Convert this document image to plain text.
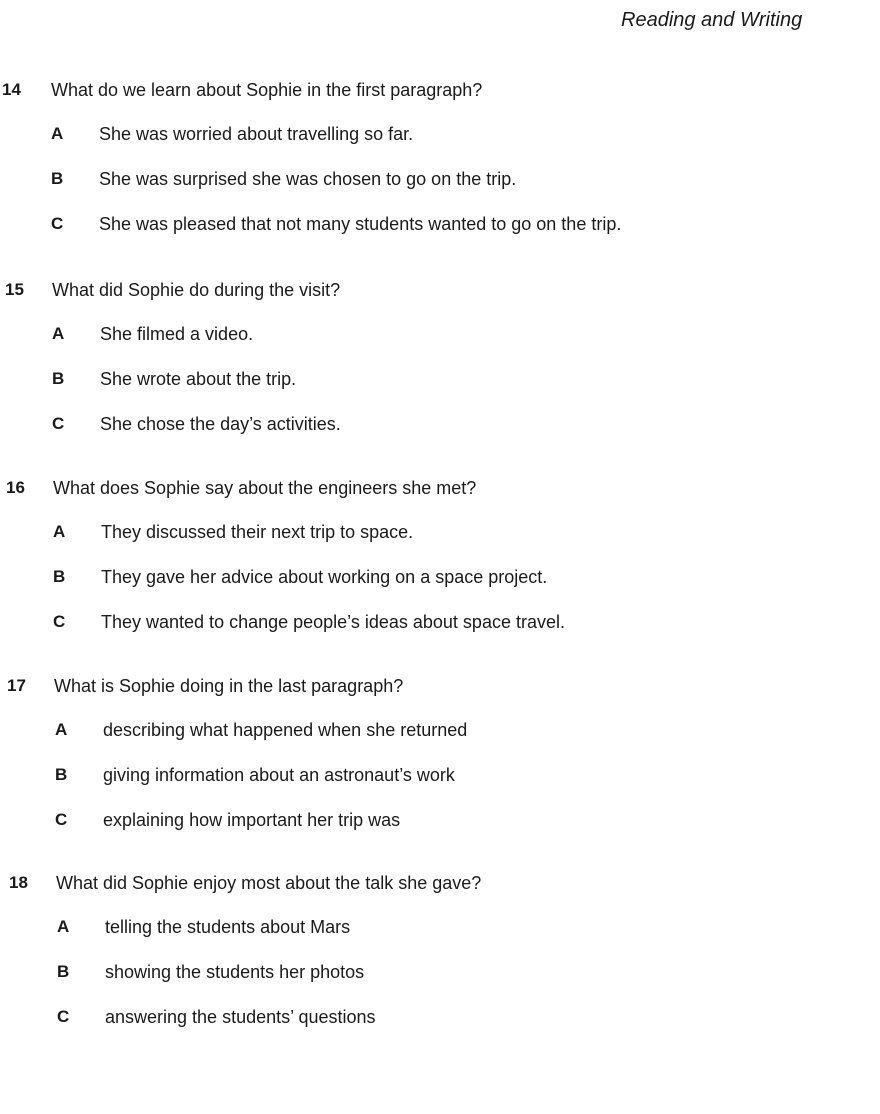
Reading and Writing
14 What do we learn about Sophie in the first paragraph?
A She was worried about travelling so far.
B She was surprised she was chosen to go on the trip.
C She was pleased that not many students wanted to go on the trip.
15 What did Sophie do during the visit?
A She filmed a video.
B She wrote about the trip.
C She chose the day’s activities.
16 What does Sophie say about the engineers she met?
A They discussed their next trip to space.
B They gave her advice about working on a space project.
C They wanted to change people’s ideas about space travel.
17 What is Sophie doing in the last paragraph?
A describing what happened when she returned
B giving information about an astronaut’s work
C explaining how important her trip was
18 What did Sophie enjoy most about the talk she gave?
A telling the students about Mars
B showing the students her photos
C answering the students’ questions
